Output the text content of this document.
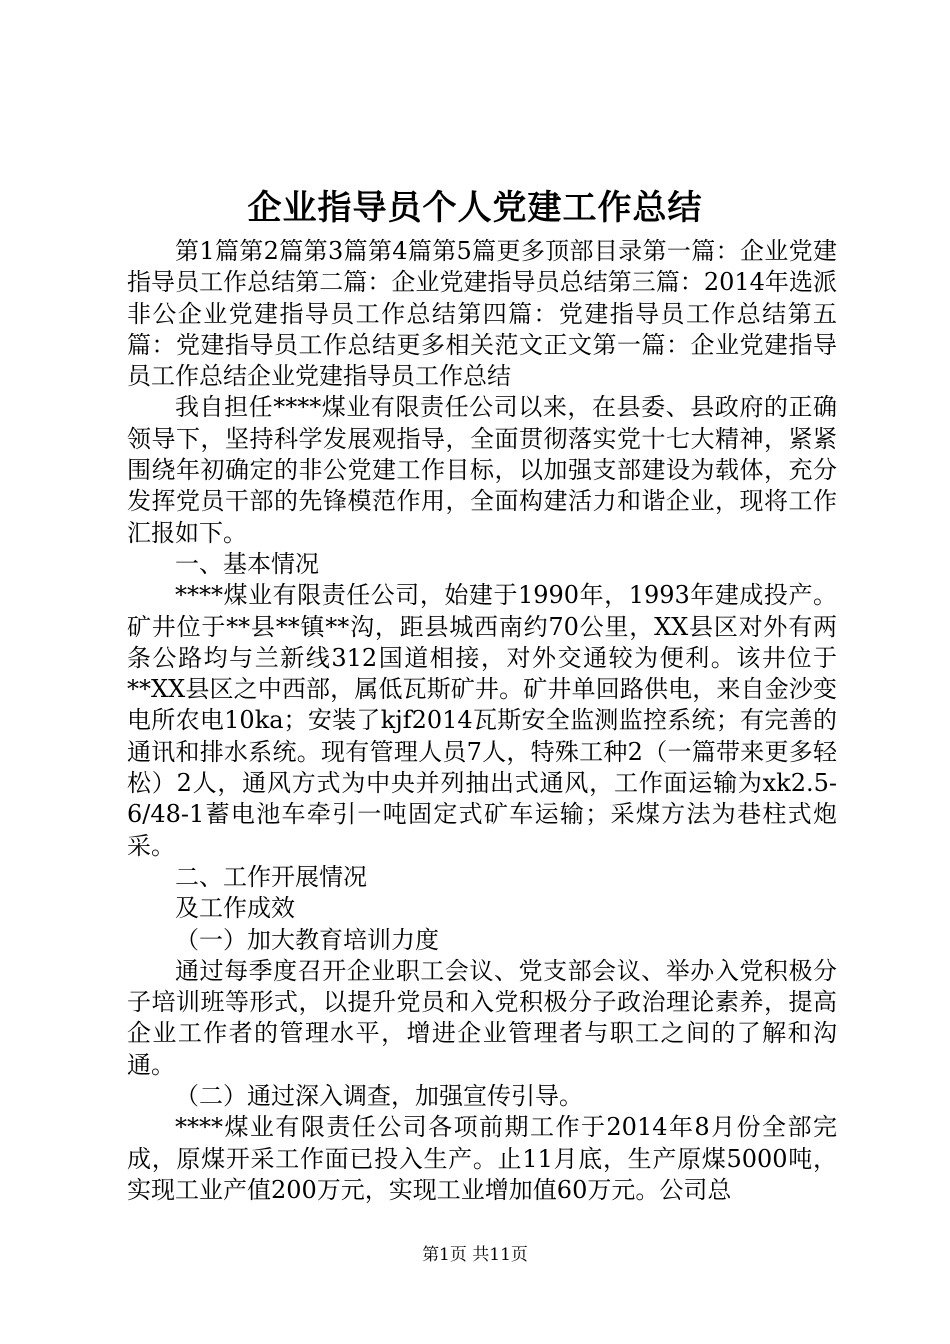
企业指导员个人党建工作总结

第1篇第2篇第3篇第4篇第5篇更多顶部目录第一篇：企业党建指导员工作总结第二篇：企业党建指导员总结第三篇：2014年选派非公企业党建指导员工作总结第四篇：党建指导员工作总结第五篇：党建指导员工作总结更多相关范文正文第一篇：企业党建指导员工作总结企业党建指导员工作总结

我自担任****煤业有限责任公司以来，在县委、县政府的正确领导下，坚持科学发展观指导，全面贯彻落实党十七大精神，紧紧围绕年初确定的非公党建工作目标，以加强支部建设为载体，充分发挥党员干部的先锋模范作用，全面构建活力和谐企业，现将工作汇报如下。

一、基本情况

****煤业有限责任公司，始建于1990年，1993年建成投产。矿井位于**县**镇**沟，距县城西南约70公里，XX县区对外有两条公路均与兰新线312国道相接，对外交通较为便利。该井位于**XX县区之中西部，属低瓦斯矿井。矿井单回路供电，来自金沙变电所农电10ka；安装了kjf2014瓦斯安全监测监控系统；有完善的通讯和排水系统。现有管理人员7人，特殊工种2（一篇带来更多轻松）2人，通风方式为中央并列抽出式通风，工作面运输为xk2.5-6/48-1蓄电池车牵引一吨固定式矿车运输；采煤方法为巷柱式炮采。

二、工作开展情况

及工作成效

（一）加大教育培训力度

通过每季度召开企业职工会议、党支部会议、举办入党积极分子培训班等形式，以提升党员和入党积极分子政治理论素养，提高企业工作者的管理水平，增进企业管理者与职工之间的了解和沟通。

（二）通过深入调查，加强宣传引导。

****煤业有限责任公司各项前期工作于2014年8月份全部完成，原煤开采工作面已投入生产。止11月底，生产原煤5000吨，实现工业产值200万元，实现工业增加值60万元。公司总

第1页 共11页
